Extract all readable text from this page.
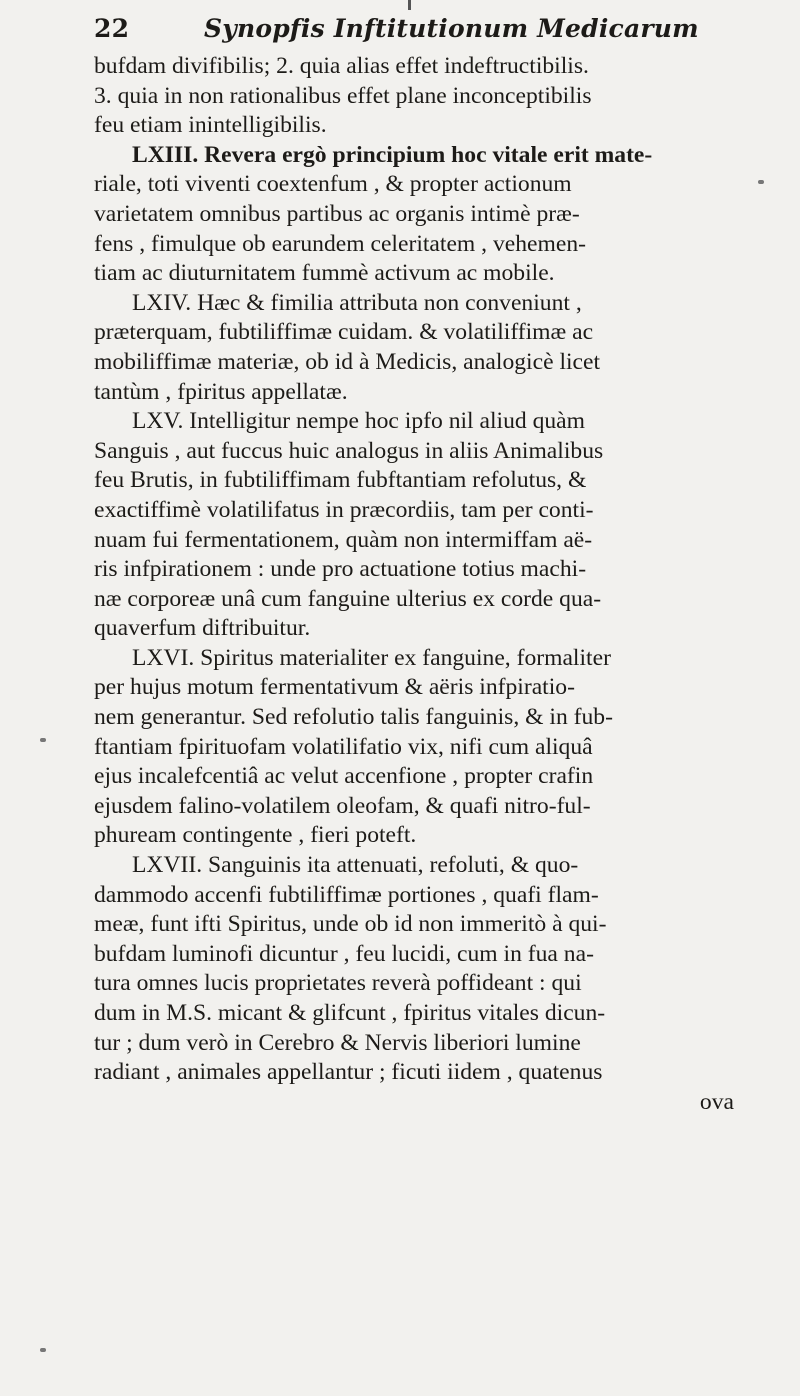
22	Synopfis Inftitutionum Medicarum
bufdam divifibilis; 2. quia alias effet indeftructibilis.
3. quia in non rationalibus effet plane inconceptibilis
feu etiam inintelligibilis.
LXIII. Revera ergò principium hoc vitale erit mate-
riale, toti viventi coextenfum , & propter actionum
varietatem omnibus partibus ac organis intimè præ-
fens , fimulque ob earundem celeritatem , vehemen-
tiam ac diuturnitatem fummè activum ac mobile.
LXIV. Hæc & fimilia attributa non conveniunt ,
præterquam, fubtiliffimæ cuidam. & volatiliffimæ ac
mobiliffimæ materiæ, ob id à Medicis, analogicè licet
tantùm , fpiritus appellatæ.
LXV. Intelligitur nempe hoc ipfo nil aliud quàm
Sanguis , aut fuccus huic analogus in aliis Animalibus
feu Brutis, in fubtiliffimam fubftantiam refolutus, &
exactiffimè volatilifatus in præcordiis, tam per conti-
nuam fui fermentationem, quàm non intermiffam aë-
ris infpirationem : unde pro actuatione totius machi-
næ corporeæ unâ cum fanguine ulterius ex corde qua-
quaverfum diftribuitur.
LXVI. Spiritus materialiter ex fanguine, formaliter
per hujus motum fermentativum & aëris infpiratio-
nem generantur. Sed refolutio talis fanguinis, & in fub-
ftantiam fpirituofam volatilifatio vix, nifi cum aliquâ
ejus incalefcentiâ ac velut accenfione , propter crafin
ejusdem falino-volatilem oleofam, & quafi nitro-ful-
phuream contingente , fieri poteft.
LXVII. Sanguinis ita attenuati, refoluti, & quo-
dammodo accenfi fubtiliffimæ portiones , quafi flam-
meæ, funt ifti Spiritus, unde ob id non immeritò à qui-
bufdam luminofi dicuntur , feu lucidi, cum in fua na-
tura omnes lucis proprietates reverà poffideant : qui
dum in M.S. micant & glifcunt , fpiritus vitales dicun-
tur ; dum verò in Cerebro & Nervis liberiori lumine
radiant , animales appellantur ; ficuti iidem , quatenus
ova
